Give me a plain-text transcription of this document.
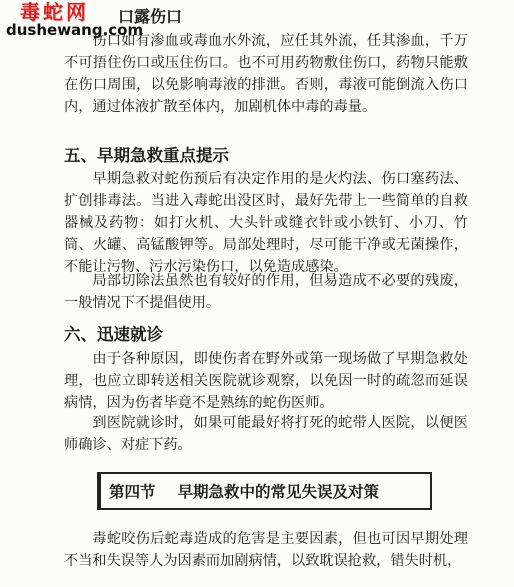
毒蛇网
dushewang.com
口露伤口

伤口如有渗血或毒血水外流，应任其外流，任其渗血，千万不可捂住伤口或压住伤口。也不可用药物敷住伤口，药物只能敷在伤口周围，以免影响毒液的排泄。否则，毒液可能倒流入伤口内，通过体液扩散至体内，加剧机体中毒的毒量。

五、早期急救重点提示

早期急救对蛇伤预后有决定作用的是火灼法、伤口塞药法、扩创排毒法。当进入毒蛇出没区时，最好先带上一些简单的自救器械及药物：如打火机、大头针或缝衣针或小铁钉、小刀、竹筒、火罐、高锰酸钾等。局部处理时，尽可能干净或无菌操作，不能让污物、污水污染伤口，以免造成感染。

局部切除法虽然也有较好的作用，但易造成不必要的残废，一般情况下不提倡使用。

六、迅速就诊

由于各种原因，即使伤者在野外或第一现场做了早期急救处理，也应立即转送相关医院就诊观察，以免因一时的疏忽而延误病情，因为伤者毕竟不是熟练的蛇伤医师。

到医院就诊时，如果可能最好将打死的蛇带人医院，以便医师确诊、对症下药。

第四节 早期急救中的常见失误及对策

毒蛇咬伤后蛇毒造成的危害是主要因素，但也可因早期处理不当和失误等人为因素而加剧病情，以致耽误抢救，错失时机，
